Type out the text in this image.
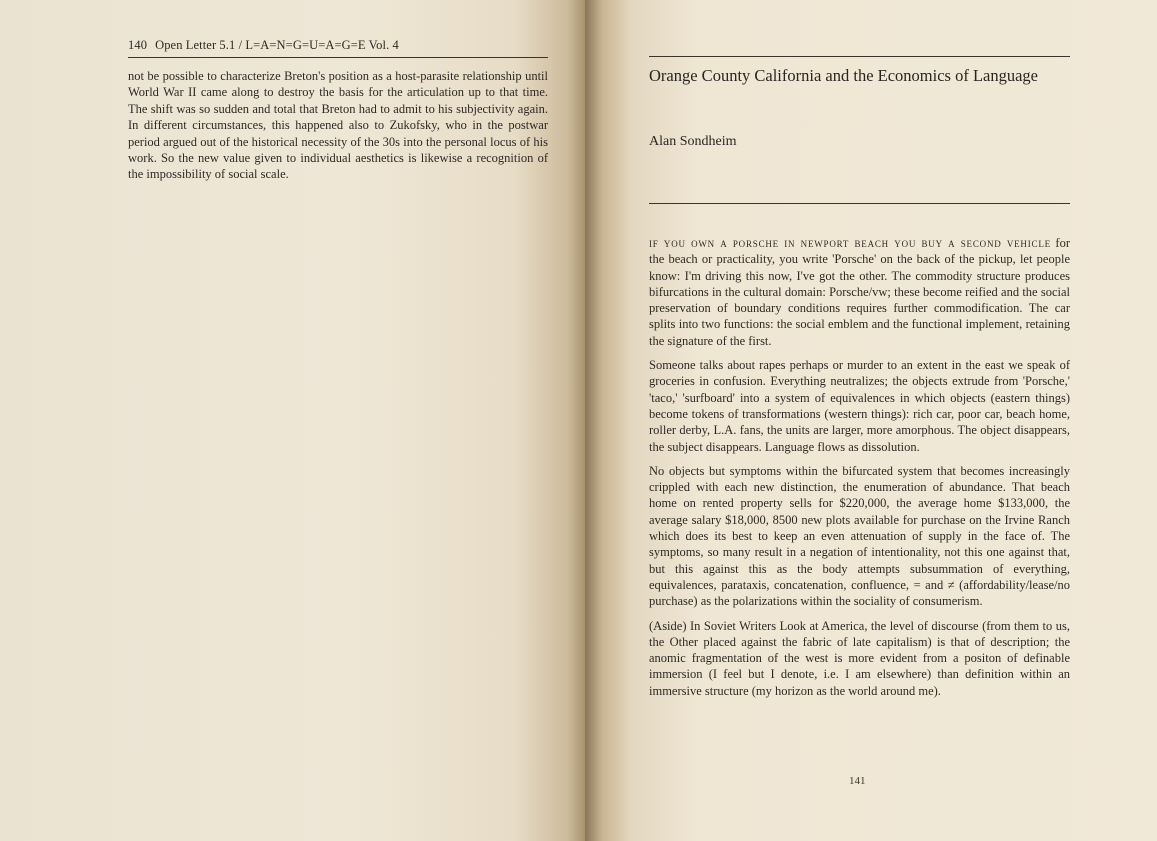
140 Open Letter 5.1 / L=A=N=G=U=A=G=E Vol. 4

not be possible to characterize Breton's position as a host-parasite relationship until World War II came along to destroy the basis for the articulation up to that time. The shift was so sudden and total that Breton had to admit to his subjectivity again. In different circumstances, this happened also to Zukofsky, who in the postwar period argued out of the historical necessity of the 30s into the personal locus of his work. So the new value given to individual aesthetics is likewise a recognition of the impossibility of social scale.

Orange County California and the Economics of Language

Alan Sondheim

if you own a porsche in newport beach you buy a second vehicle for the beach or practicality, you write 'Porsche' on the back of the pickup, let people know: I'm driving this now, I've got the other. The commodity structure produces bifurcations in the cultural domain: Porsche/vw; these become reified and the social preservation of boundary conditions requires further commodification. The car splits into two functions: the social emblem and the functional implement, retaining the signature of the first.

Someone talks about rapes perhaps or murder to an extent in the east we speak of groceries in confusion. Everything neutralizes; the objects extrude from 'Porsche,' 'taco,' 'surfboard' into a system of equivalences in which objects (eastern things) become tokens of transformations (western things): rich car, poor car, beach home, roller derby, L.A. fans, the units are larger, more amorphous. The object disappears, the subject disappears. Language flows as dissolution.

No objects but symptoms within the bifurcated system that becomes increasingly crippled with each new distinction, the enumeration of abundance. That beach home on rented property sells for $220,000, the average home $133,000, the average salary $18,000, 8500 new plots available for purchase on the Irvine Ranch which does its best to keep an even attenuation of supply in the face of. The symptoms, so many result in a negation of intentionality, not this one against that, but this against this as the body attempts subsummation of everything, equivalences, parataxis, concatenation, confluence, = and ≠ (affordability/lease/no purchase) as the polarizations within the sociality of consumerism.

(Aside) In Soviet Writers Look at America, the level of discourse (from them to us, the Other placed against the fabric of late capitalism) is that of description; the anomic fragmentation of the west is more evident from a positon of definable immersion (I feel but I denote, i.e. I am elsewhere) than definition within an immersive structure (my horizon as the world around me).

141
